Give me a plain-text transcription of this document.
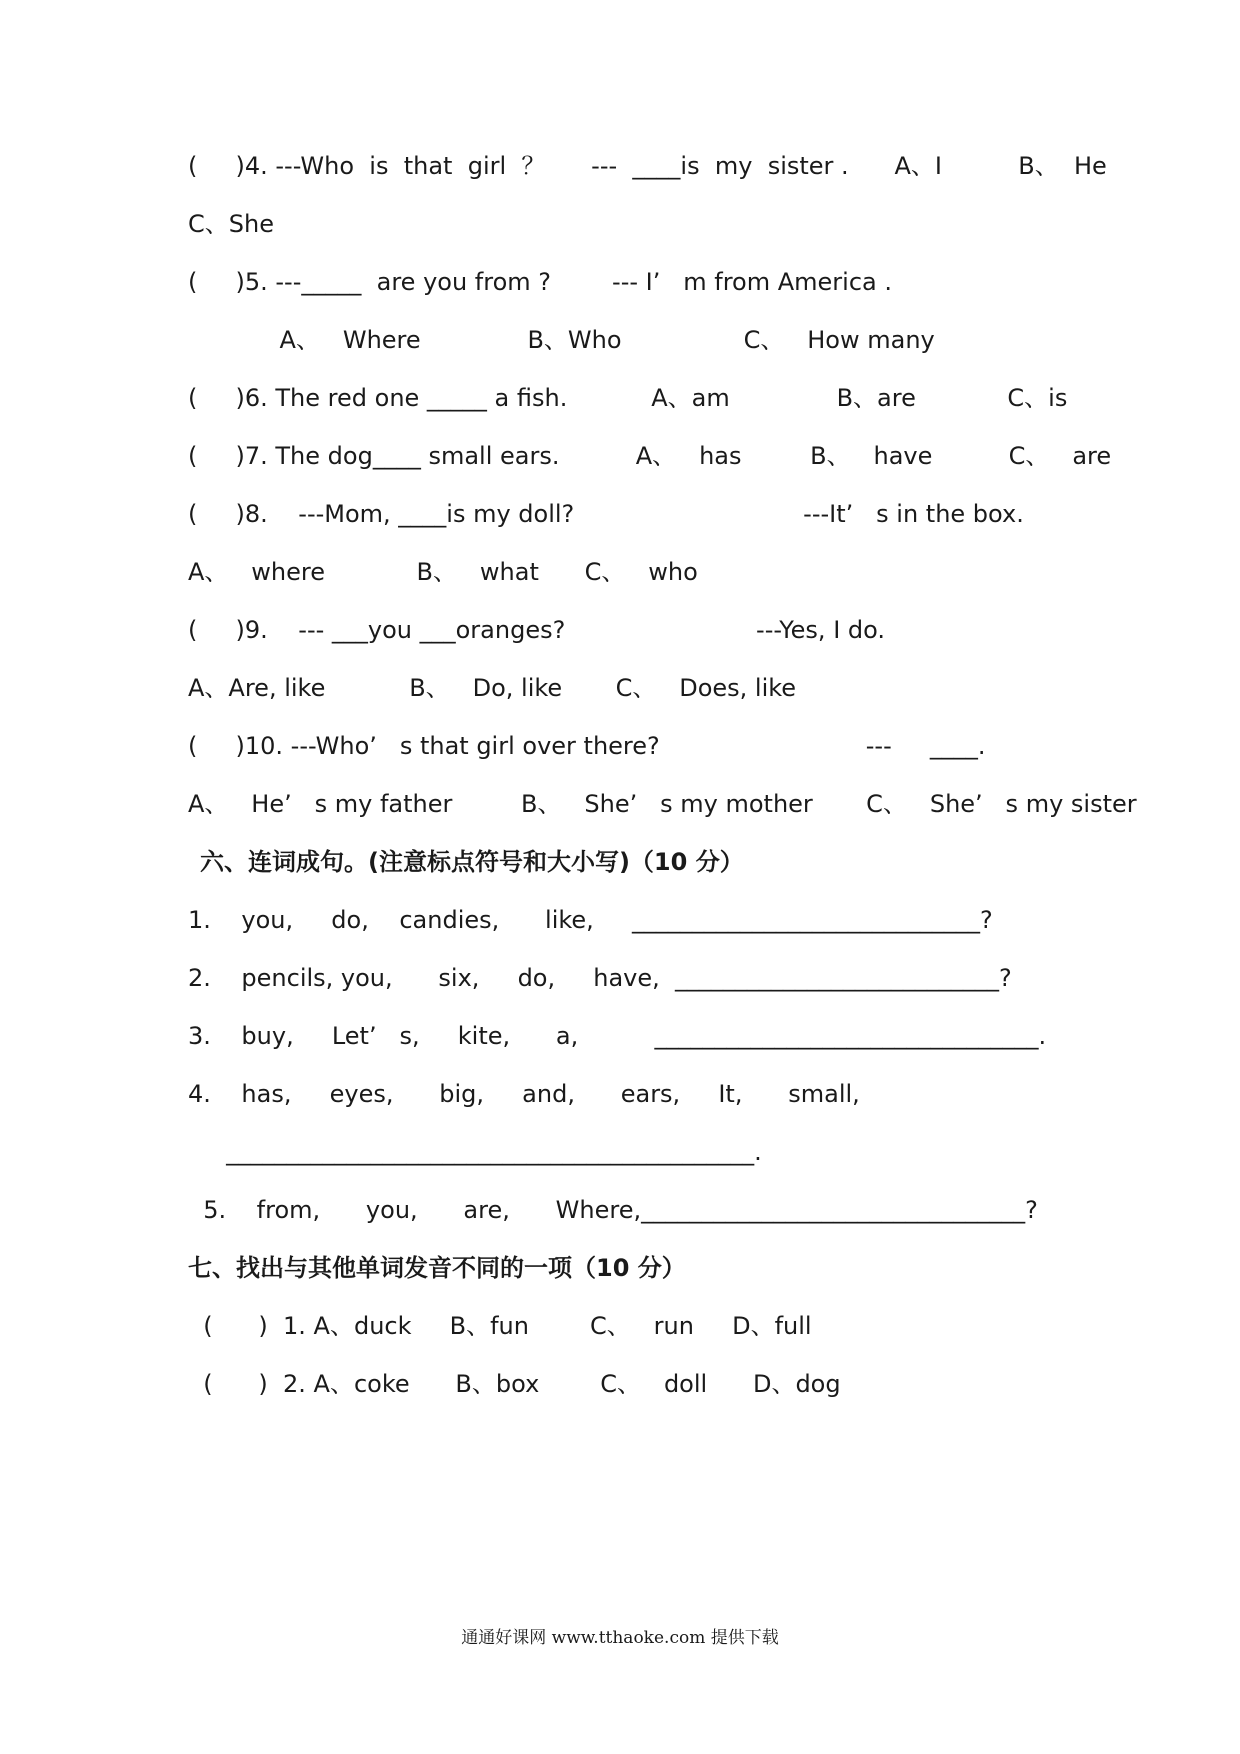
(     )4. ---Who  is  that  girl  ？      ---  ____is  my  sister .      A、I          B、  He
C、She
(     )5. ---_____  are you from ?        --- I’   m from America .
A、   Where              B、Who                C、   How many
(     )6. The red one _____ a fish.           A、am              B、are            C、is
(     )7. The dog____ small ears.          A、   has         B、   have          C、   are
(     )8.    ---Mom, ____is my doll?                              ---It’   s in the box.
A、   where            B、   what      C、   who
(     )9.    --- ___you ___oranges?                         ---Yes, I do.
A、Are, like           B、   Do, like       C、   Does, like
(     )10. ---Who’   s that girl over there?                           ---     ____.
A、   He’   s my father         B、   She’   s my mother       C、   She’   s my sister
六、连词成句。(注意标点符号和大小写)（10 分）
1.    you,     do,    candies,      like,     _____________________________?
2.    pencils, you,      six,     do,     have,  ___________________________?
3.    buy,     Let’   s,     kite,      a,          ________________________________.
4.    has,     eyes,      big,     and,      ears,     It,      small,
____________________________________________.
5.    from,      you,      are,      Where,________________________________?
七、找出与其他单词发音不同的一项（10 分）
(      )  1. A、duck     B、fun        C、   run     D、full
(      )  2. A、coke      B、box        C、   doll      D、dog
通通好课网 www.tthaoke.com 提供下载
